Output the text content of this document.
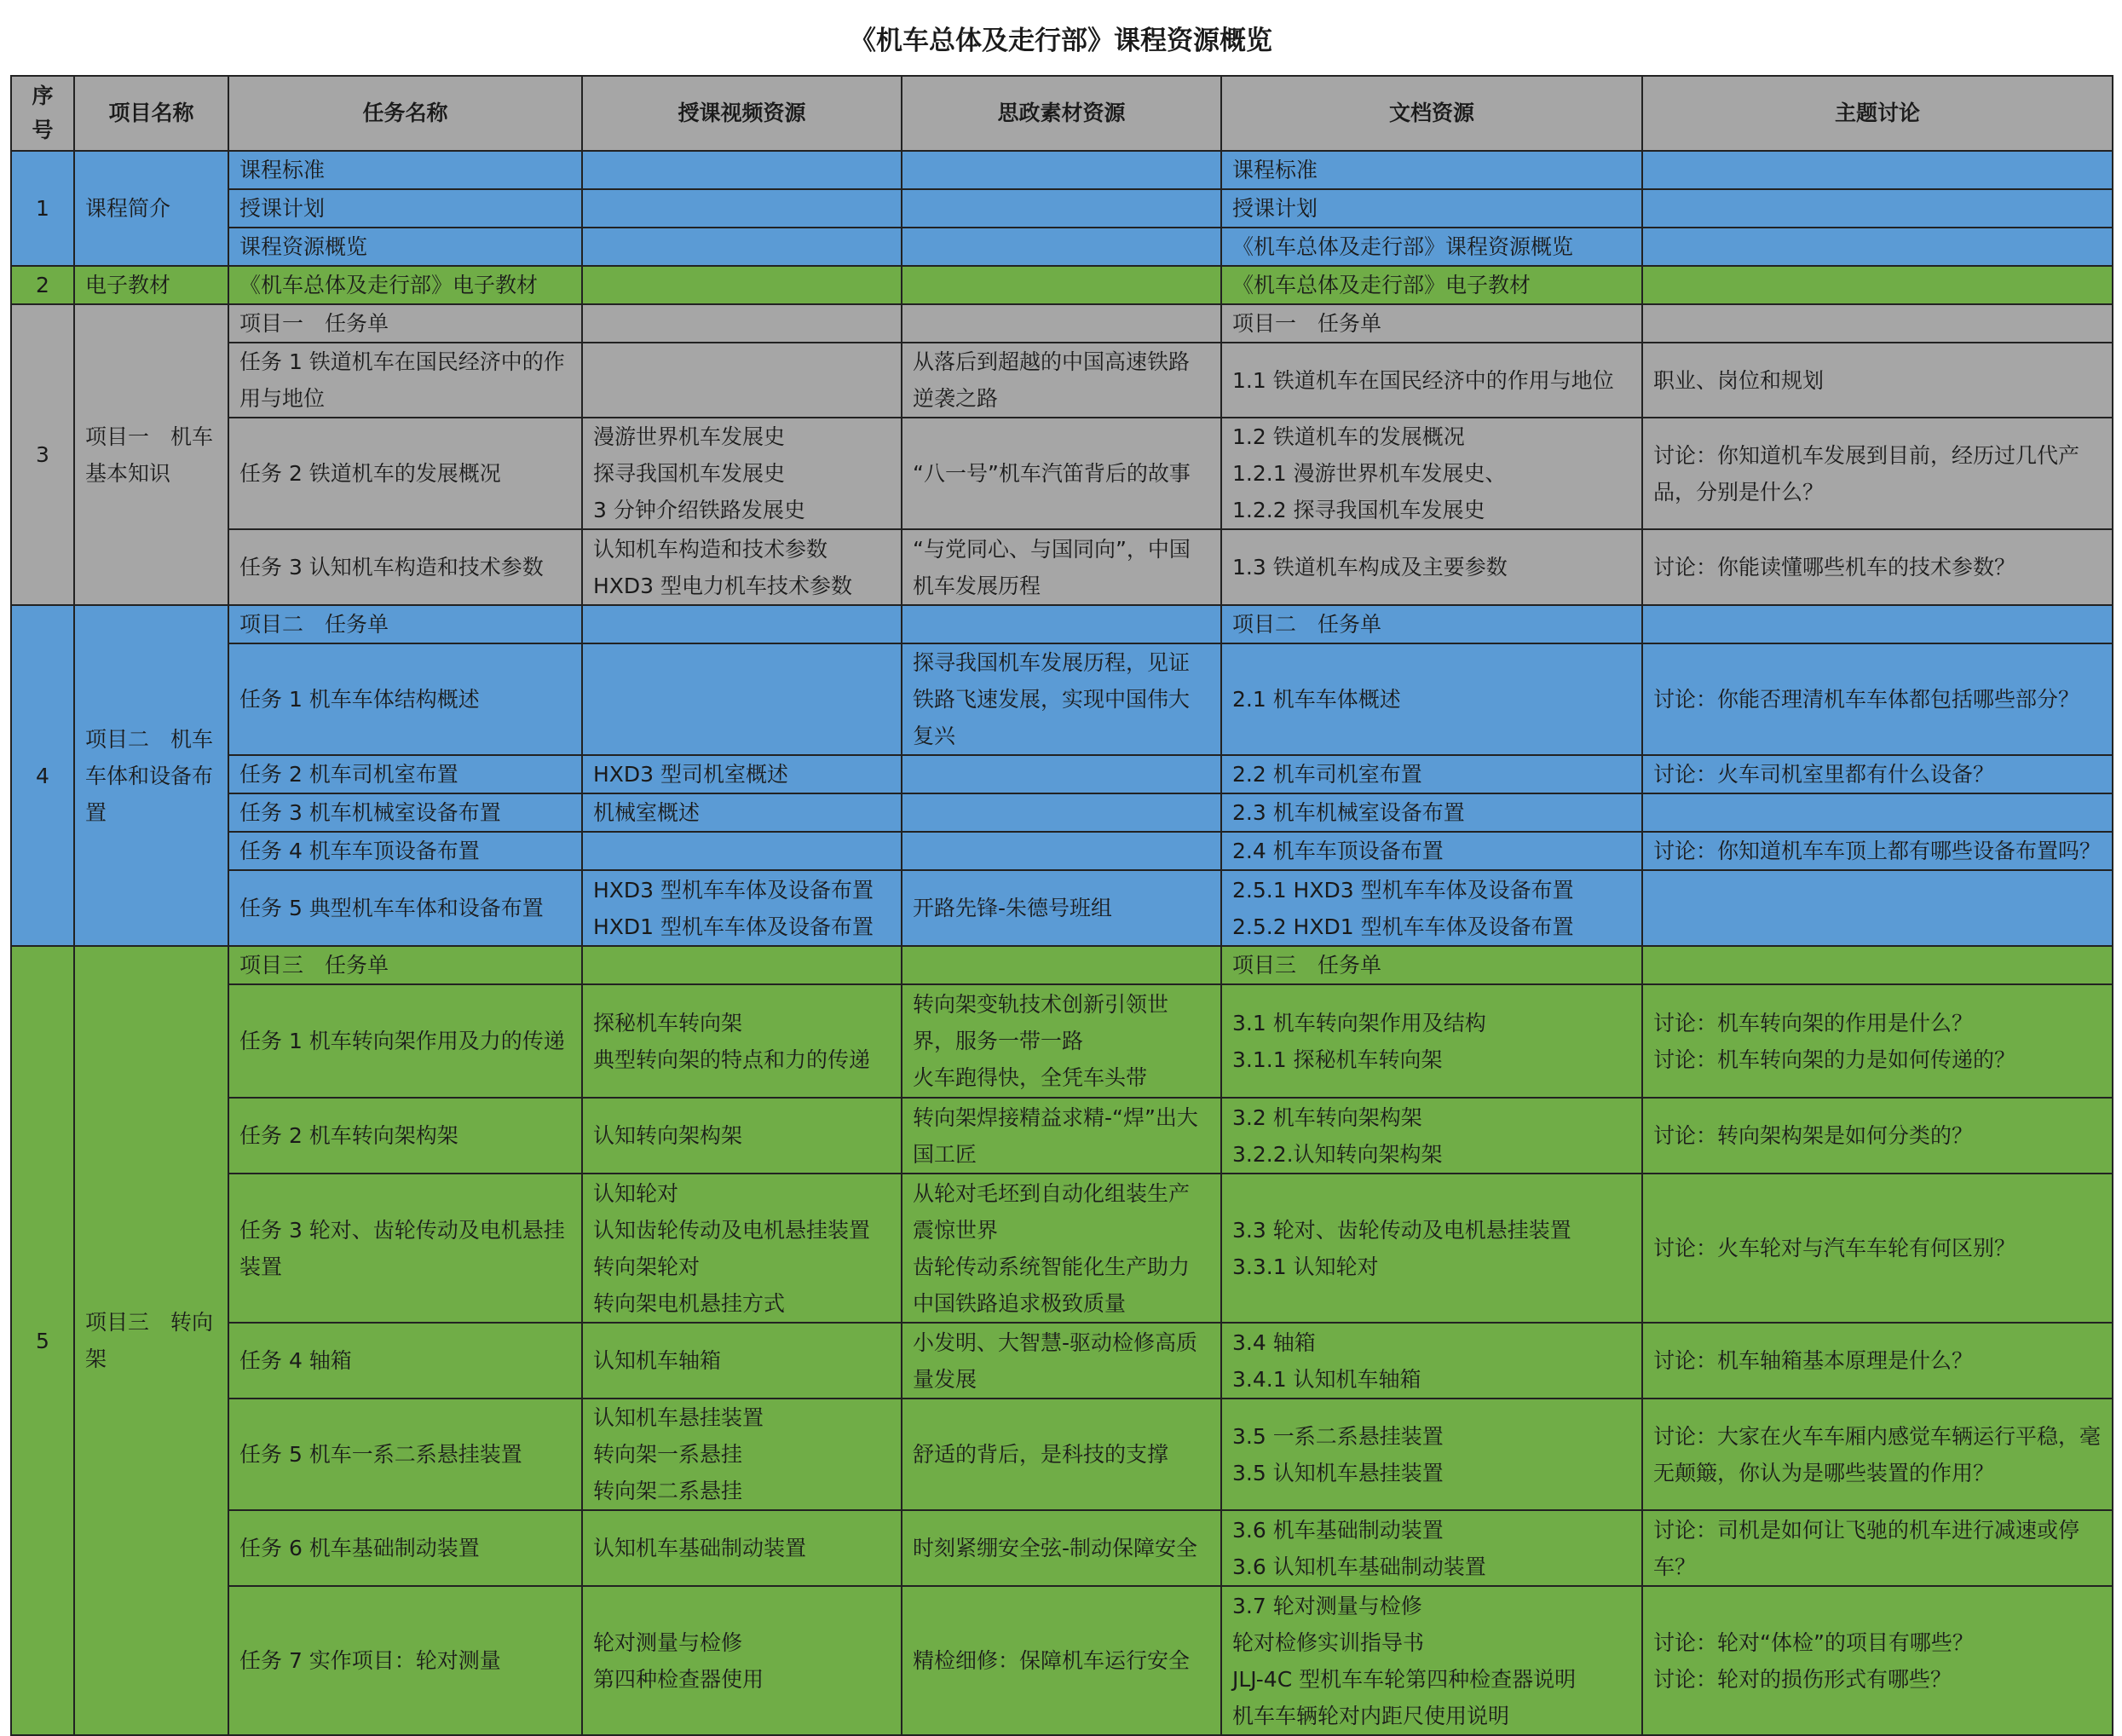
《机车总体及走行部》课程资源概览
序
号	项目名称	任务名称	授课视频资源	思政素材资源	文档资源	主题讨论
1	课程简介	课程标准			课程标准	
		授课计划			授课计划	
		课程资源概览			《机车总体及走行部》课程资源概览	
2	电子教材	《机车总体及走行部》电子教材			《机车总体及走行部》电子教材	
3	项目一　机车基本知识	项目一　任务单			项目一　任务单	
		任务 1 铁道机车在国民经济中的作用与地位		从落后到超越的中国高速铁路逆袭之路	1.1 铁道机车在国民经济中的作用与地位	职业、岗位和规划
		任务 2 铁道机车的发展概况	漫游世界机车发展史
探寻我国机车发展史
3 分钟介绍铁路发展史	“八一号”机车汽笛背后的故事	1.2 铁道机车的发展概况
1.2.1 漫游世界机车发展史、
1.2.2 探寻我国机车发展史	讨论：你知道机车发展到目前，经历过几代产品，分别是什么？
		任务 3 认知机车构造和技术参数	认知机车构造和技术参数
HXD3 型电力机车技术参数	“与党同心、与国同向”，中国机车发展历程	1.3 铁道机车构成及主要参数	讨论：你能读懂哪些机车的技术参数？
4	项目二　机车车体和设备布置	项目二　任务单			项目二　任务单	
		任务 1 机车车体结构概述		探寻我国机车发展历程，见证铁路飞速发展，实现中国伟大复兴	2.1 机车车体概述	讨论：你能否理清机车车体都包括哪些部分？
		任务 2 机车司机室布置	HXD3 型司机室概述		2.2 机车司机室布置	讨论：火车司机室里都有什么设备？
		任务 3 机车机械室设备布置	机械室概述		2.3 机车机械室设备布置	
		任务 4 机车车顶设备布置			2.4 机车车顶设备布置	讨论：你知道机车车顶上都有哪些设备布置吗？
		任务 5 典型机车车体和设备布置	HXD3 型机车车体及设备布置
HXD1 型机车车体及设备布置	开路先锋-朱德号班组	2.5.1 HXD3 型机车车体及设备布置
2.5.2 HXD1 型机车车体及设备布置	
5	项目三　转向架	项目三　任务单			项目三　任务单	
		任务 1 机车转向架作用及力的传递	探秘机车转向架
典型转向架的特点和力的传递	转向架变轨技术创新引领世界，服务一带一路
火车跑得快，全凭车头带	3.1 机车转向架作用及结构
3.1.1 探秘机车转向架	讨论：机车转向架的作用是什么？
讨论：机车转向架的力是如何传递的？
		任务 2 机车转向架构架	认知转向架构架	转向架焊接精益求精-“焊”出大国工匠	3.2 机车转向架构架
3.2.2.认知转向架构架	讨论：转向架构架是如何分类的？
		任务 3 轮对、齿轮传动及电机悬挂装置	认知轮对
认知齿轮传动及电机悬挂装置
转向架轮对
转向架电机悬挂方式	从轮对毛坯到自动化组装生产震惊世界
齿轮传动系统智能化生产助力中国铁路追求极致质量	3.3 轮对、齿轮传动及电机悬挂装置
3.3.1 认知轮对	讨论：火车轮对与汽车车轮有何区别？
		任务 4 轴箱	认知机车轴箱	小发明、大智慧-驱动检修高质量发展	3.4 轴箱
3.4.1 认知机车轴箱	讨论：机车轴箱基本原理是什么？
		任务 5 机车一系二系悬挂装置	认知机车悬挂装置
转向架一系悬挂
转向架二系悬挂	舒适的背后，是科技的支撑	3.5 一系二系悬挂装置
3.5 认知机车悬挂装置	讨论：大家在火车车厢内感觉车辆运行平稳，毫无颠簸，你认为是哪些装置的作用？
		任务 6 机车基础制动装置	认知机车基础制动装置	时刻紧绷安全弦-制动保障安全	3.6 机车基础制动装置
3.6 认知机车基础制动装置	讨论：司机是如何让飞驰的机车进行减速或停车？
		任务 7 实作项目：轮对测量	轮对测量与检修
第四种检查器使用	精检细修：保障机车运行安全	3.7 轮对测量与检修
轮对检修实训指导书
JLJ-4C 型机车车轮第四种检查器说明
机车车辆轮对内距尺使用说明	讨论：轮对“体检”的项目有哪些？
讨论：轮对的损伤形式有哪些？
